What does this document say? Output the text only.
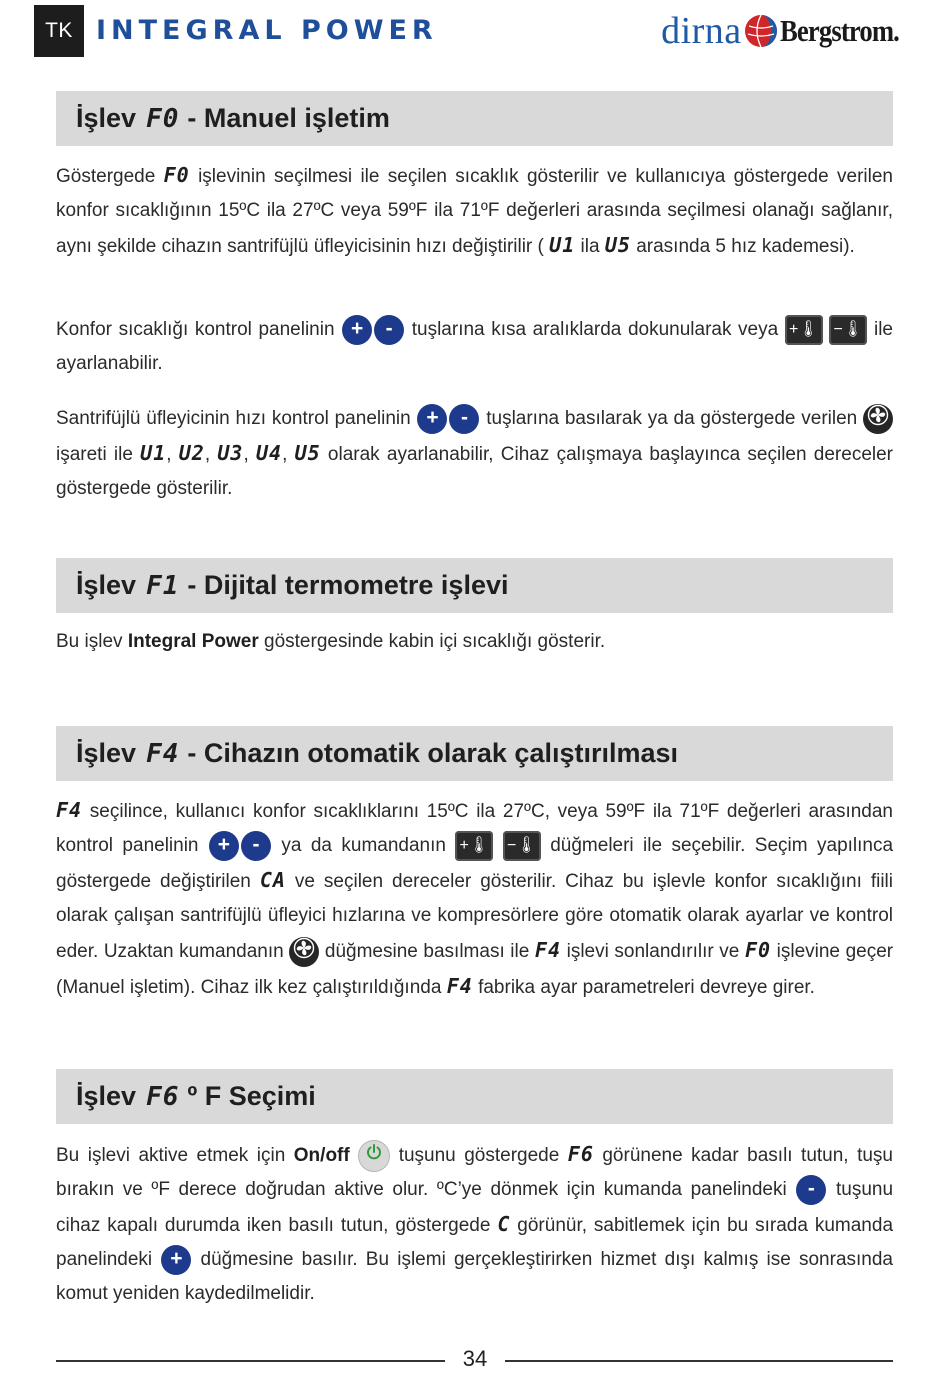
TK INTEGRAL POWER	dirna Bergstrom.
İşlev F0 - Manuel işletim

Göstergede F0 işlevinin seçilmesi ile seçilen sıcaklık gösterilir ve kullanıcıya göstergede verilen konfor sıcaklığının 15ºC ila 27ºC veya 59ºF ila 71ºF değerleri arasında seçilmesi olanağı sağlanır, aynı şekilde cihazın santrifüjlü üfleyicisinin hızı değiştirilir ( U1 ila U5 arasında 5 hız kademesi).

Konfor sıcaklığı kontrol panelinin + - tuşlarına kısa aralıklarda dokunularak veya +🌡 −🌡 ile ayarlanabilir.

Santrifüjlü üfleyicinin hızı kontrol panelinin + - tuşlarına basılarak ya da göstergede verilen  işareti ile U1, U2, U3, U4, U5 olarak ayarlanabilir, Cihaz çalışmaya başlayınca seçilen dereceler göstergede gösterilir.

İşlev F1 - Dijital termometre işlevi

Bu işlev Integral Power göstergesinde kabin içi sıcaklığı gösterir.

İşlev F4 - Cihazın otomatik olarak çalıştırılması

F4 seçilince, kullanıcı konfor sıcaklıklarını 15ºC ila 27ºC, veya 59ºF ila 71ºF değerleri arasından kontrol panelinin + - ya da kumandanın +🌡 −🌡 düğmeleri ile seçebilir. Seçim yapılınca göstergede değiştirilen CA ve seçilen dereceler gösterilir. Cihaz bu işlevle konfor sıcaklığını fiili olarak çalışan santrifüjlü üfleyici hızlarına ve kompresörlere göre otomatik olarak ayarlar ve kontrol eder. Uzaktan kumandanın düğmesine basılması ile F4 işlevi sonlandırılır ve F0 işlevine geçer (Manuel işletim). Cihaz ilk kez çalıştırıldığında F4 fabrika ayar parametreleri devreye girer.

İşlev F6 º F Seçimi

Bu işlevi aktive etmek için On/off	tuşunu göstergede F6 görünene kadar basılı tutun, tuşu bırakın ve ºF derece doğrudan aktive olur. ºC’ye dönmek için kumanda panelindeki - tuşunu cihaz kapalı durumda iken basılı tutun, göstergede C görünür, sabitlemek için bu sırada kumanda panelindeki + düğmesine basılır. Bu işlemi gerçekleştirirken hizmet dışı kalmış ise sonrasında komut yeniden kaydedilmelidir.

34
